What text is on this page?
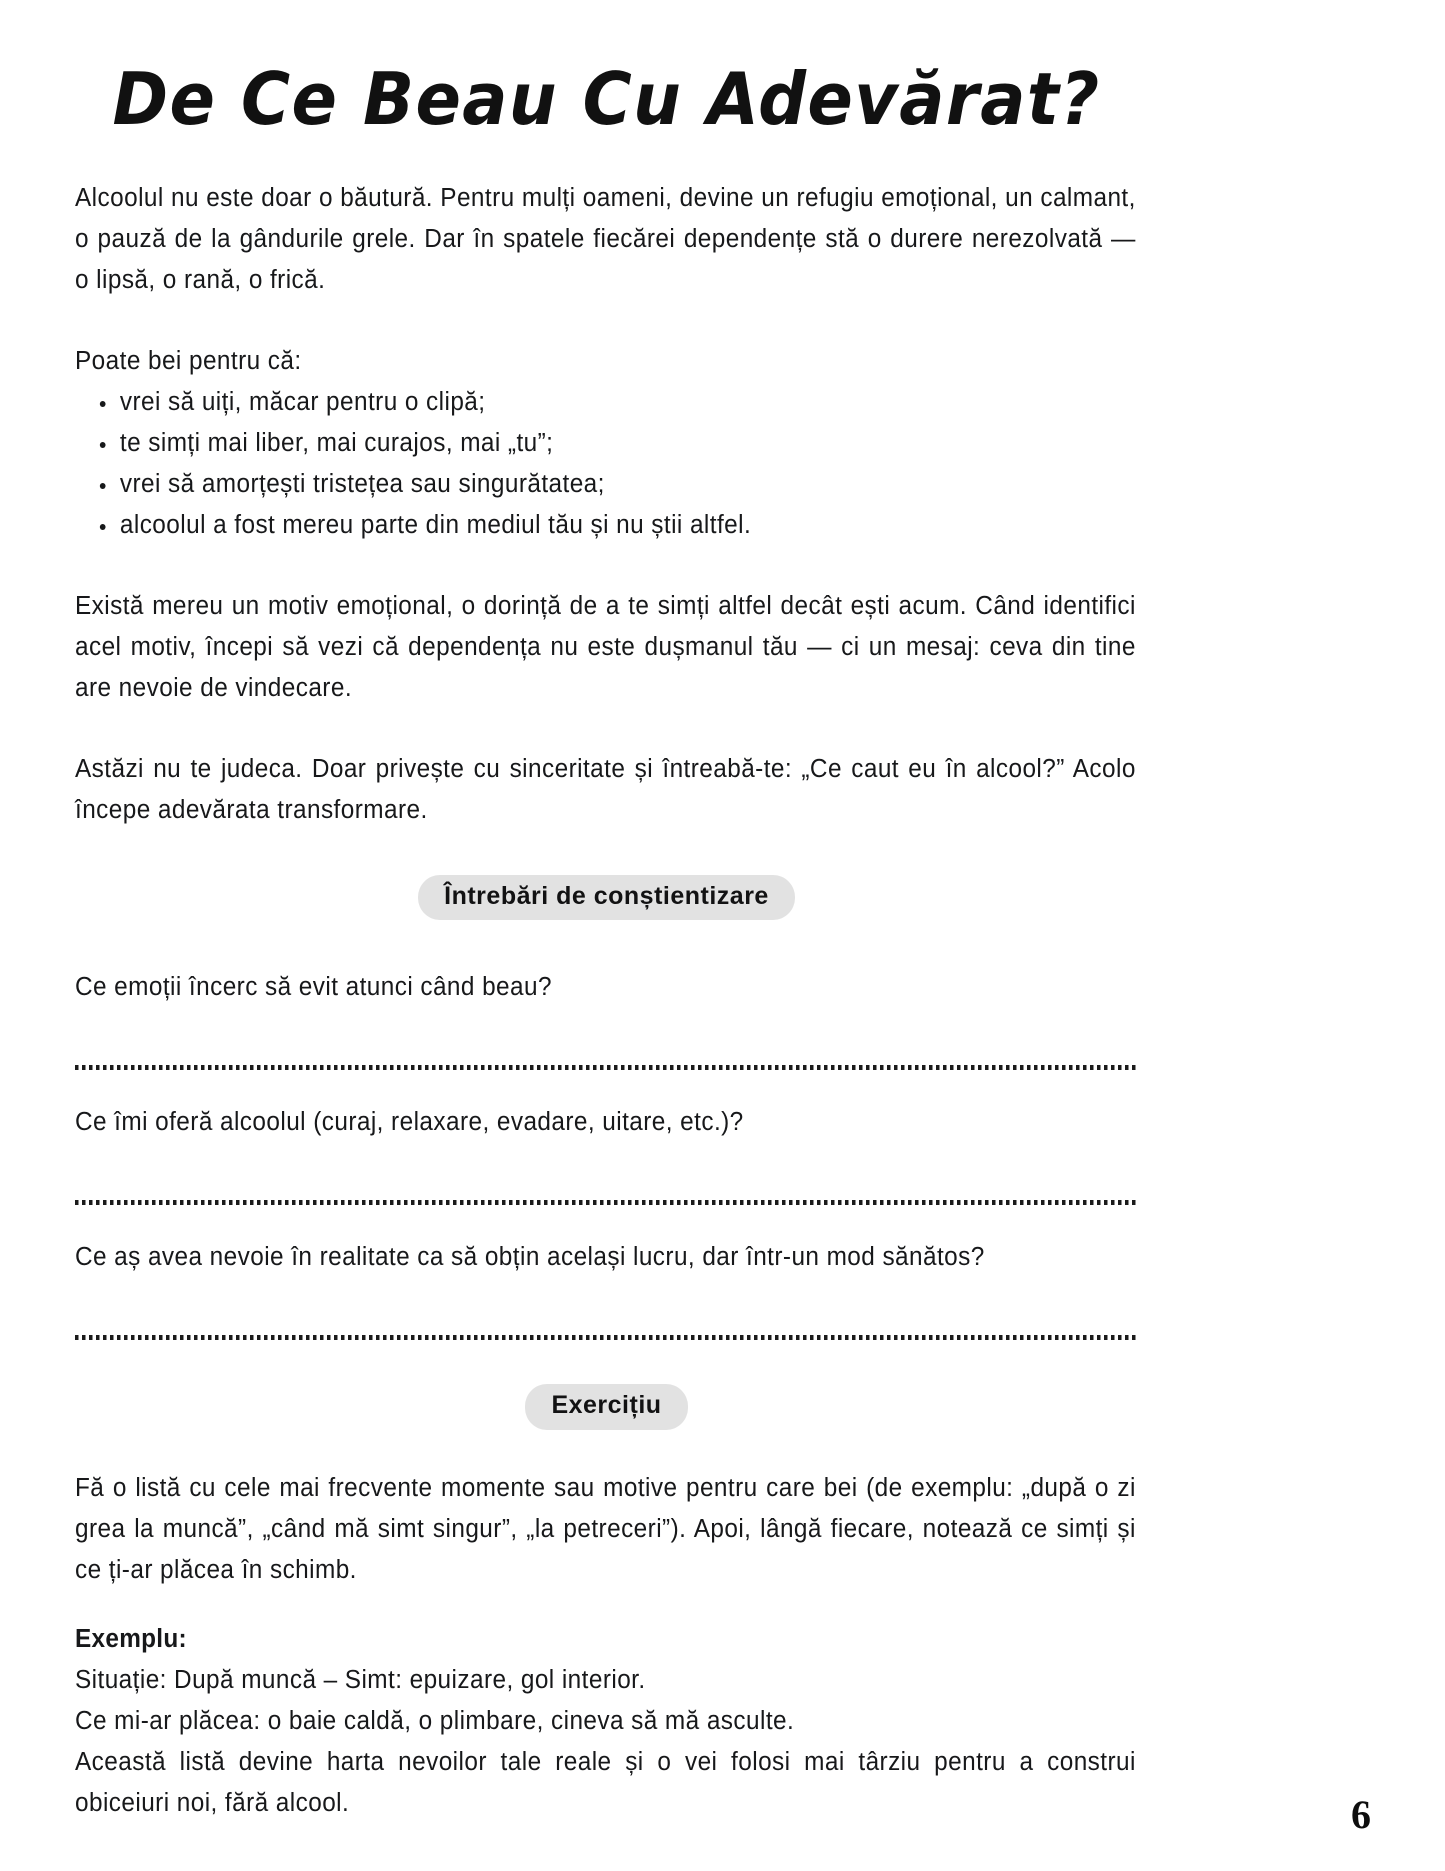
De Ce Beau Cu Adevărat?

Alcoolul nu este doar o băutură. Pentru mulți oameni, devine un refugiu emoțional, un calmant, o pauză de la gândurile grele. Dar în spatele fiecărei dependențe stă o durere nerezolvată — o lipsă, o rană, o frică.

Poate bei pentru că:

vrei să uiți, măcar pentru o clipă;
te simți mai liber, mai curajos, mai „tu”;
vrei să amorțești tristețea sau singurătatea;
alcoolul a fost mereu parte din mediul tău și nu știi altfel.

Există mereu un motiv emoțional, o dorință de a te simți altfel decât ești acum. Când identifici acel motiv, începi să vezi că dependența nu este dușmanul tău — ci un mesaj: ceva din tine are nevoie de vindecare.

Astăzi nu te judeca. Doar privește cu sinceritate și întreabă-te: „Ce caut eu în alcool?” Acolo începe adevărata transformare.

Întrebări de conștientizare

Ce emoții încerc să evit atunci când beau?

Ce îmi oferă alcoolul (curaj, relaxare, evadare, uitare, etc.)?

Ce aș avea nevoie în realitate ca să obțin același lucru, dar într-un mod sănătos?

Exercițiu

Fă o listă cu cele mai frecvente momente sau motive pentru care bei (de exemplu: „după o zi grea la muncă”, „când mă simt singur”, „la petreceri”). Apoi, lângă fiecare, notează ce simți și ce ți-ar plăcea în schimb.

Exemplu:

Situație: După muncă – Simt: epuizare, gol interior.

Ce mi-ar plăcea: o baie caldă, o plimbare, cineva să mă asculte.

Această listă devine harta nevoilor tale reale și o vei folosi mai târziu pentru a construi obiceiuri noi, fără alcool.	6
